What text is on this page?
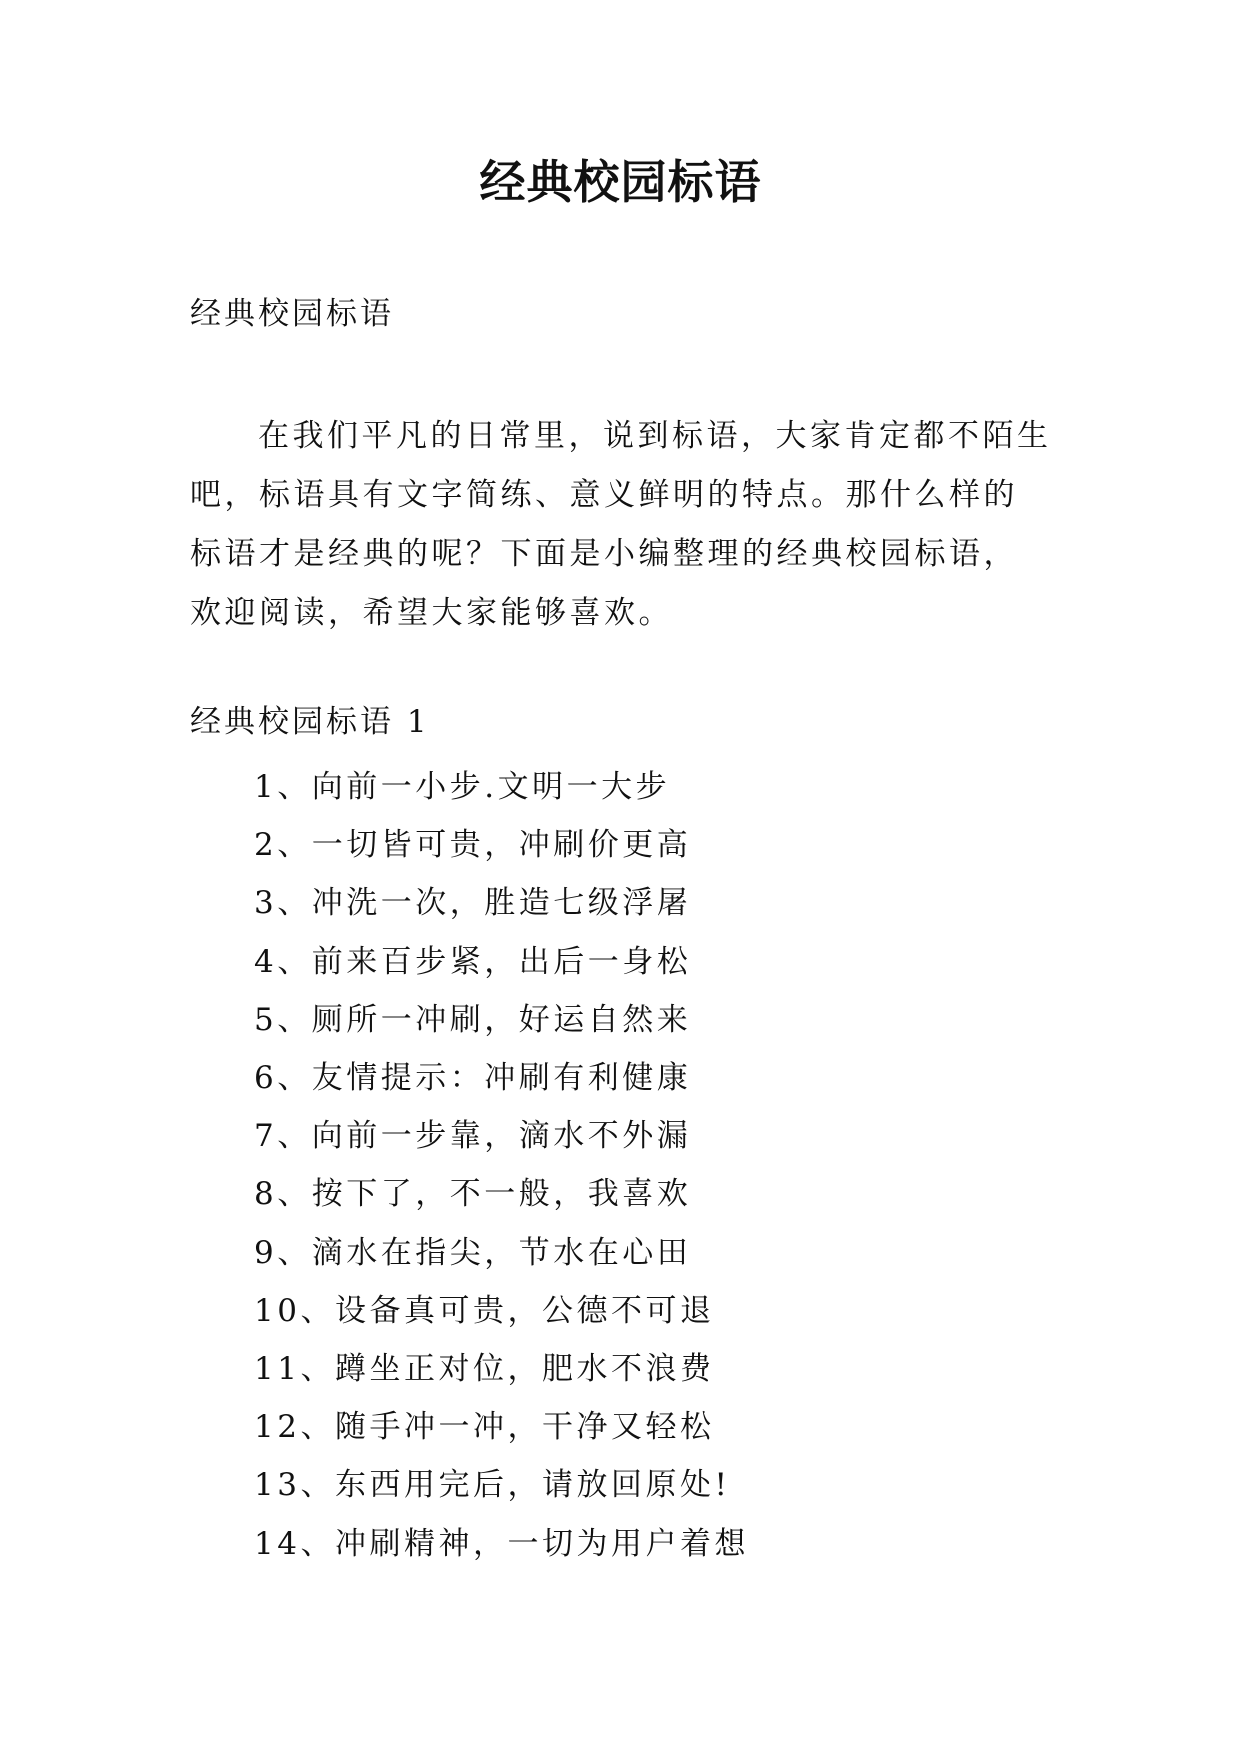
经典校园标语
经典校园标语

在我们平凡的日常里，说到标语，大家肯定都不陌生吧，标语具有文字简练、意义鲜明的特点。那什么样的标语才是经典的呢？下面是小编整理的经典校园标语，欢迎阅读，希望大家能够喜欢。

经典校园标语 1
1、向前一小步.文明一大步
2、一切皆可贵，冲刷价更高
3、冲洗一次，胜造七级浮屠
4、前来百步紧，出后一身松
5、厕所一冲刷，好运自然来
6、友情提示：冲刷有利健康
7、向前一步靠，滴水不外漏
8、按下了，不一般，我喜欢
9、滴水在指尖，节水在心田
10、设备真可贵，公德不可退
11、蹲坐正对位，肥水不浪费
12、随手冲一冲，干净又轻松
13、东西用完后，请放回原处!
14、冲刷精神，一切为用户着想
